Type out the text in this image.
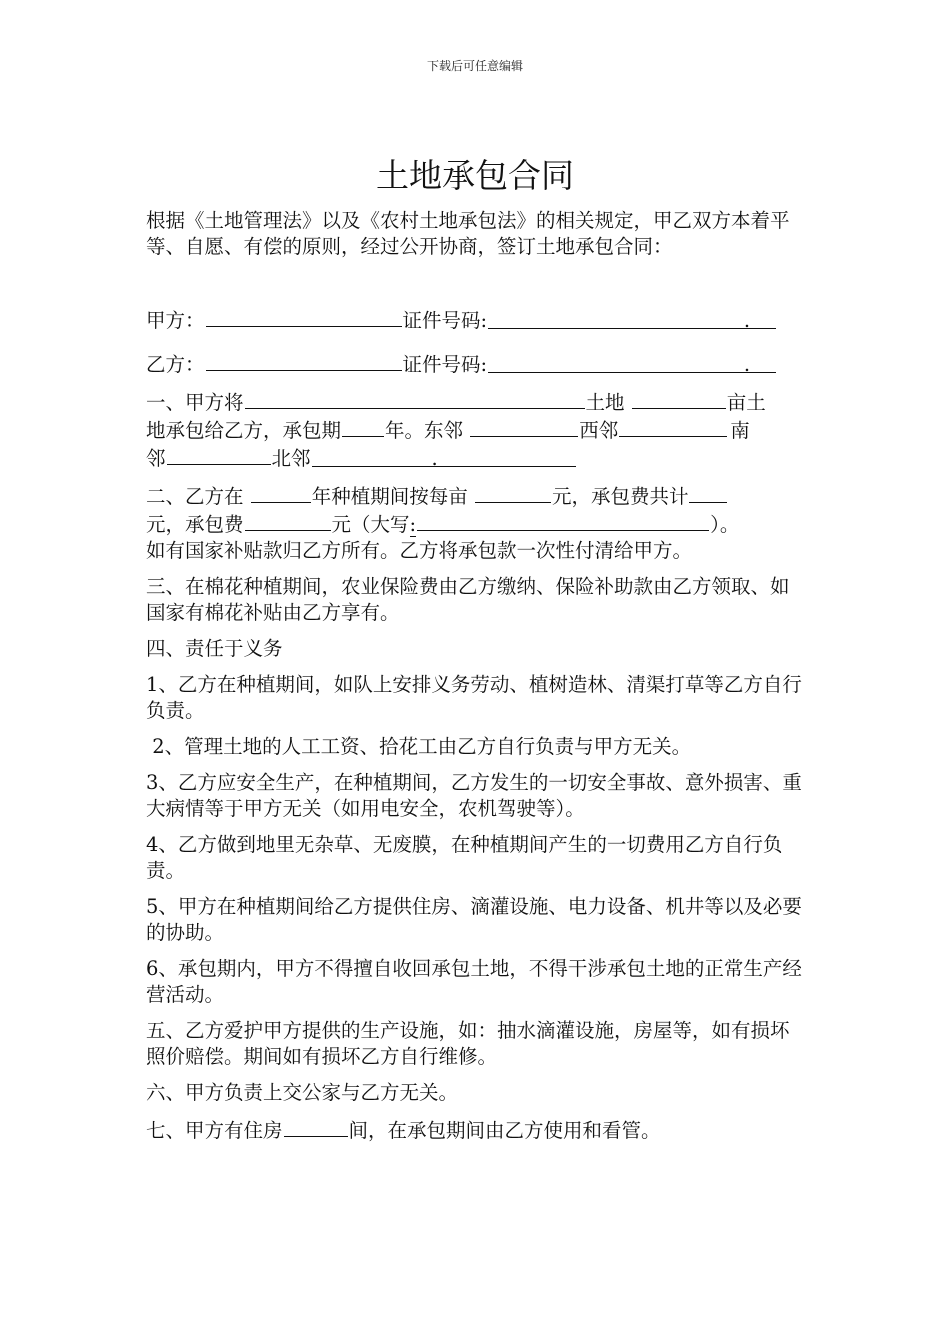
下载后可任意编辑
土地承包合同

根据《土地管理法》以及《农村土地承包法》的相关规定，甲乙双方本着平等、自愿、有偿的原则，经过公开协商，签订土地承包合同：

甲方：	证件号码:	.

乙方：	证件号码:	.

一、甲方将	土地	亩土

地承包给乙方，承包期 年。东邻	西邻	南

邻	北邻	.

二、乙方在	年种植期间按每亩	元，承包费共计

元，承包费	元（大写:	）。

如有国家补贴款归乙方所有。乙方将承包款一次性付清给甲方。

三、在棉花种植期间，农业保险费由乙方缴纳、保险补助款由乙方领取、如国家有棉花补贴由乙方享有。

四、责任于义务

1、乙方在种植期间，如队上安排义务劳动、植树造林、清渠打草等乙方自行负责。

2、管理土地的人工工资、拾花工由乙方自行负责与甲方无关。

3、乙方应安全生产，在种植期间，乙方发生的一切安全事故、意外损害、重大病情等于甲方无关（如用电安全，农机驾驶等）。

4、乙方做到地里无杂草、无废膜，在种植期间产生的一切费用乙方自行负责。

5、甲方在种植期间给乙方提供住房、滴灌设施、电力设备、机井等以及必要的协助。

6、承包期内，甲方不得擅自收回承包土地，不得干涉承包土地的正常生产经营活动。

五、乙方爱护甲方提供的生产设施，如：抽水滴灌设施，房屋等，如有损坏照价赔偿。期间如有损坏乙方自行维修。

六、甲方负责上交公家与乙方无关。

七、甲方有住房	间，在承包期间由乙方使用和看管。
